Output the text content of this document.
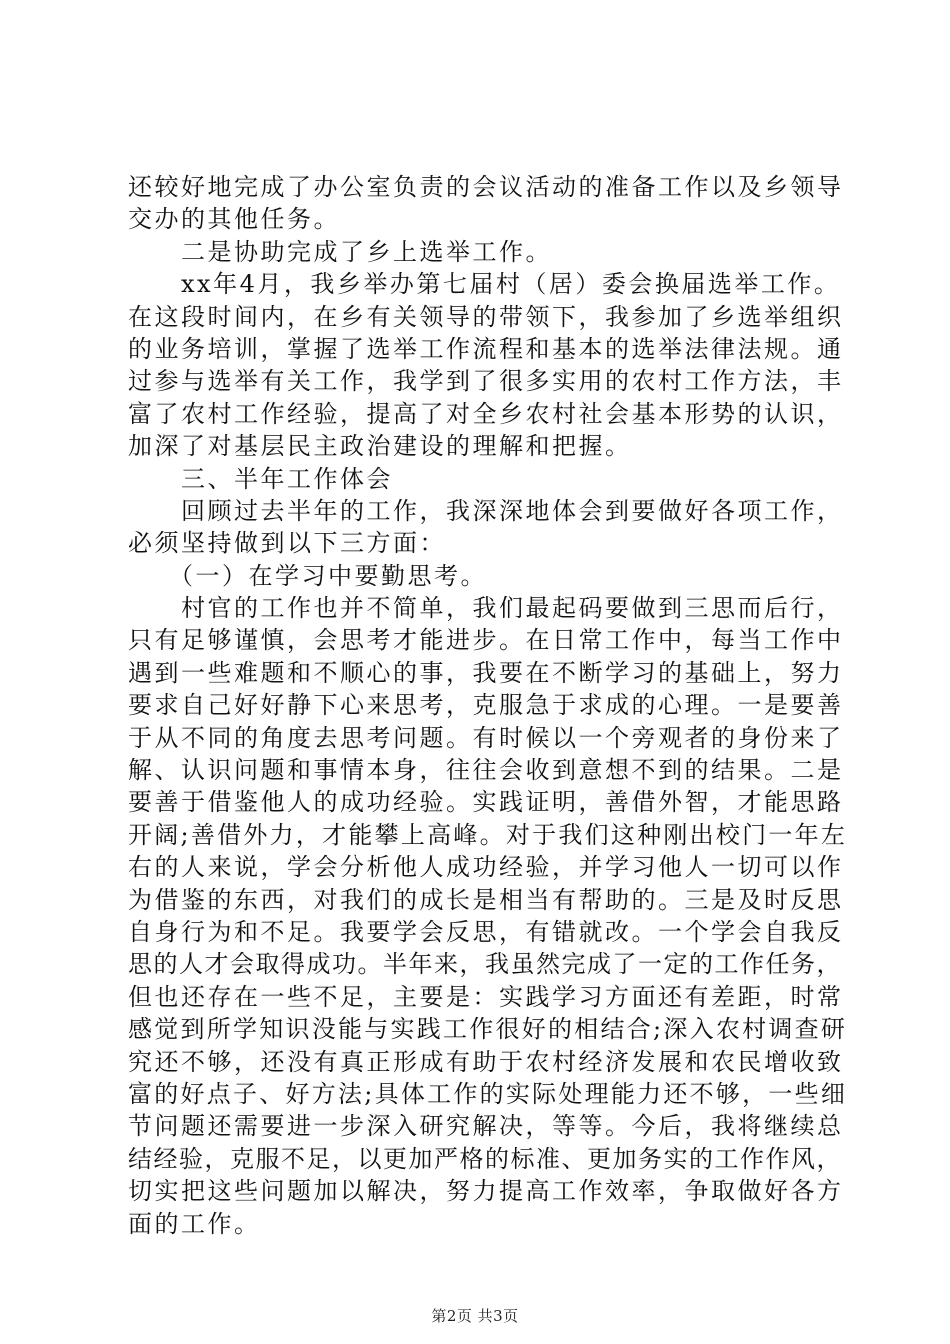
还较好地完成了办公室负责的会议活动的准备工作以及乡领导
交办的其他任务。
　　二是协助完成了乡上选举工作。
　　xx年4月，我乡举办第七届村（居）委会换届选举工作。
在这段时间内，在乡有关领导的带领下，我参加了乡选举组织
的业务培训，掌握了选举工作流程和基本的选举法律法规。通
过参与选举有关工作，我学到了很多实用的农村工作方法，丰
富了农村工作经验，提高了对全乡农村社会基本形势的认识，
加深了对基层民主政治建设的理解和把握。
　　三、半年工作体会
　　回顾过去半年的工作，我深深地体会到要做好各项工作，
必须坚持做到以下三方面：
　　（一）在学习中要勤思考。
　　村官的工作也并不简单，我们最起码要做到三思而后行，
只有足够谨慎，会思考才能进步。在日常工作中，每当工作中
遇到一些难题和不顺心的事，我要在不断学习的基础上，努力
要求自己好好静下心来思考，克服急于求成的心理。一是要善
于从不同的角度去思考问题。有时候以一个旁观者的身份来了
解、认识问题和事情本身，往往会收到意想不到的结果。二是
要善于借鉴他人的成功经验。实践证明，善借外智，才能思路
开阔;善借外力，才能攀上高峰。对于我们这种刚出校门一年左
右的人来说，学会分析他人成功经验，并学习他人一切可以作
为借鉴的东西，对我们的成长是相当有帮助的。三是及时反思
自身行为和不足。我要学会反思，有错就改。一个学会自我反
思的人才会取得成功。半年来，我虽然完成了一定的工作任务，
但也还存在一些不足，主要是：实践学习方面还有差距，时常
感觉到所学知识没能与实践工作很好的相结合;深入农村调查研
究还不够，还没有真正形成有助于农村经济发展和农民增收致
富的好点子、好方法;具体工作的实际处理能力还不够，一些细
节问题还需要进一步深入研究解决，等等。今后，我将继续总
结经验，克服不足，以更加严格的标准、更加务实的工作作风，
切实把这些问题加以解决，努力提高工作效率，争取做好各方
面的工作。
第2页 共3页
